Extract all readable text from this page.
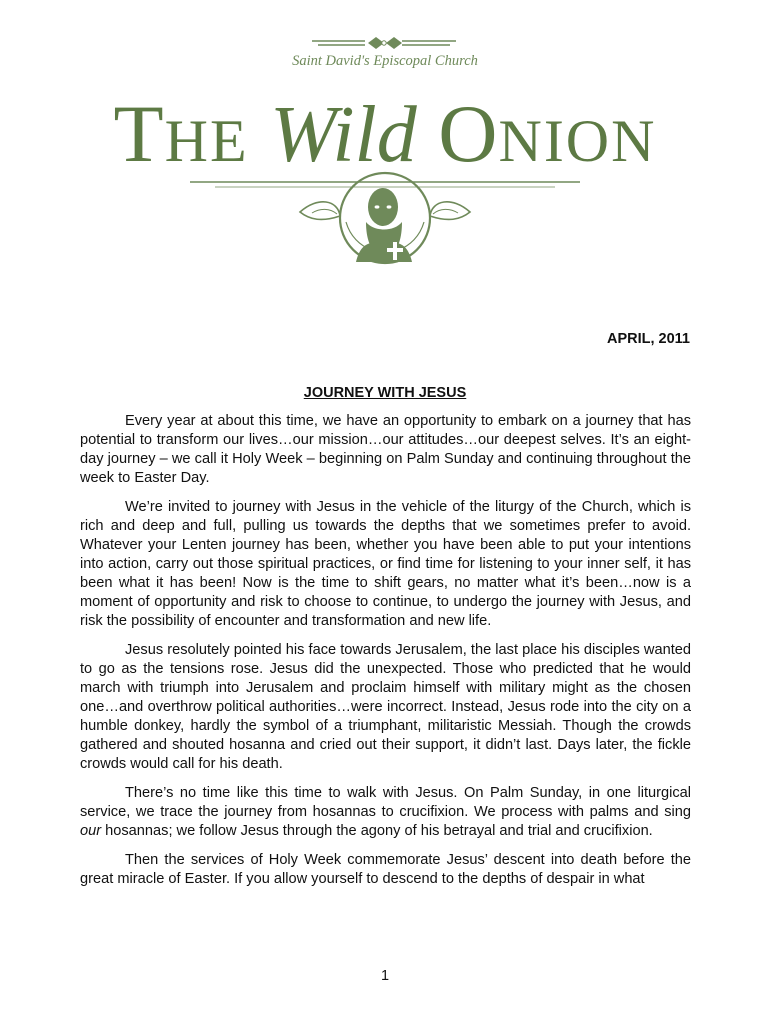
Saint David's Episcopal Church
THE Wild ONION
APRIL, 2011
JOURNEY WITH JESUS

Every year at about this time, we have an opportunity to embark on a journey that has potential to transform our lives…our mission…our attitudes…our deepest selves. It’s an eight-day journey – we call it Holy Week – beginning on Palm Sunday and continuing throughout the week to Easter Day.

We’re invited to journey with Jesus in the vehicle of the liturgy of the Church, which is rich and deep and full, pulling us towards the depths that we sometimes prefer to avoid. Whatever your Lenten journey has been, whether you have been able to put your intentions into action, carry out those spiritual practices, or find time for listening to your inner self, it has been what it has been! Now is the time to shift gears, no matter what it’s been…now is a moment of opportunity and risk to choose to continue, to undergo the journey with Jesus, and risk the possibility of encounter and transformation and new life.

Jesus resolutely pointed his face towards Jerusalem, the last place his disciples wanted to go as the tensions rose. Jesus did the unexpected. Those who predicted that he would march with triumph into Jerusalem and proclaim himself with military might as the chosen one…and overthrow political authorities…were incorrect. Instead, Jesus rode into the city on a humble donkey, hardly the symbol of a triumphant, militaristic Messiah. Though the crowds gathered and shouted hosanna and cried out their support, it didn’t last. Days later, the fickle crowds would call for his death.

There’s no time like this time to walk with Jesus. On Palm Sunday, in one liturgical service, we trace the journey from hosannas to crucifixion. We process with palms and sing our hosannas; we follow Jesus through the agony of his betrayal and trial and crucifixion.

Then the services of Holy Week commemorate Jesus’ descent into death before the great miracle of Easter. If you allow yourself to descend to the depths of despair in what

1
